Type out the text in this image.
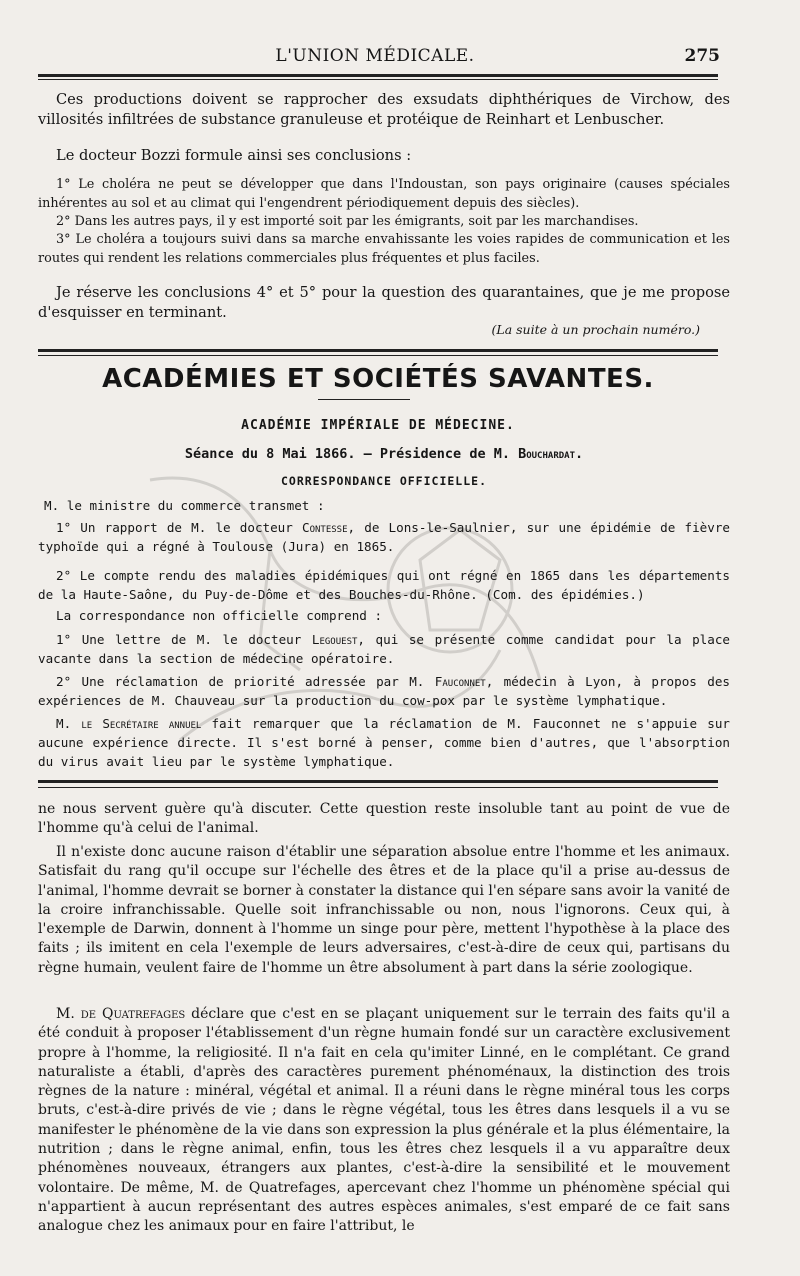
L'UNION MÉDICALE.	275

Ces productions doivent se rapprocher des exsudats diphthériques de Virchow, des villosités infiltrées de substance granuleuse et protéique de Reinhart et Lenbuscher.

Le docteur Bozzi formule ainsi ses conclusions :

1° Le choléra ne peut se développer que dans l'Indoustan, son pays originaire (causes spéciales inhérentes au sol et au climat qui l'engendrent périodiquement depuis des siècles).

2° Dans les autres pays, il y est importé soit par les émigrants, soit par les marchandises.

3° Le choléra a toujours suivi dans sa marche envahissante les voies rapides de communication et les routes qui rendent les relations commerciales plus fréquentes et plus faciles.

Je réserve les conclusions 4° et 5° pour la question des quarantaines, que je me propose d'esquisser en terminant.

(La suite à un prochain numéro.)
ACADÉMIES ET SOCIÉTÉS SAVANTES.
ACADÉMIE IMPÉRIALE DE MÉDECINE.
Séance du 8 Mai 1866. — Présidence de M. Bouchardat.
CORRESPONDANCE OFFICIELLE.

M. le ministre du commerce transmet :

1° Un rapport de M. le docteur Contesse, de Lons-le-Saulnier, sur une épidémie de fièvre typhoïde qui a régné à Toulouse (Jura) en 1865.

2° Le compte rendu des maladies épidémiques qui ont régné en 1865 dans les départements de la Haute-Saône, du Puy-de-Dôme et des Bouches-du-Rhône. (Com. des épidémies.)

La correspondance non officielle comprend :

1° Une lettre de M. le docteur Legouest, qui se présente comme candidat pour la place vacante dans la section de médecine opératoire.

2° Une réclamation de priorité adressée par M. Fauconnet, médecin à Lyon, à propos des expériences de M. Chauveau sur la production du cow-pox par le système lymphatique.

M. le Secrétaire annuel fait remarquer que la réclamation de M. Fauconnet ne s'appuie sur aucune expérience directe. Il s'est borné à penser, comme bien d'autres, que l'absorption du virus avait lieu par le système lymphatique.

ne nous servent guère qu'à discuter. Cette question reste insoluble tant au point de vue de l'homme qu'à celui de l'animal.

Il n'existe donc aucune raison d'établir une séparation absolue entre l'homme et les animaux. Satisfait du rang qu'il occupe sur l'échelle des êtres et de la place qu'il a prise au-dessus de l'animal, l'homme devrait se borner à constater la distance qui l'en sépare sans avoir la vanité de la croire infranchissable. Quelle soit infranchissable ou non, nous l'ignorons. Ceux qui, à l'exemple de Darwin, donnent à l'homme un singe pour père, mettent l'hypothèse à la place des faits ; ils imitent en cela l'exemple de leurs adversaires, c'est-à-dire de ceux qui, partisans du règne humain, veulent faire de l'homme un être absolument à part dans la série zoologique.

M. de Quatrefages déclare que c'est en se plaçant uniquement sur le terrain des faits qu'il a été conduit à proposer l'établissement d'un règne humain fondé sur un caractère exclusivement propre à l'homme, la religiosité. Il n'a fait en cela qu'imiter Linné, en le complétant. Ce grand naturaliste a établi, d'après des caractères purement phénoménaux, la distinction des trois règnes de la nature : minéral, végétal et animal. Il a réuni dans le règne minéral tous les corps bruts, c'est-à-dire privés de vie ; dans le règne végétal, tous les êtres dans lesquels il a vu se manifester le phénomène de la vie dans son expression la plus générale et la plus élémentaire, la nutrition ; dans le règne animal, enfin, tous les êtres chez lesquels il a vu apparaître deux phénomènes nouveaux, étrangers aux plantes, c'est-à-dire la sensibilité et le mouvement volontaire. De même, M. de Quatrefages, apercevant chez l'homme un phénomène spécial qui n'appartient à aucun représentant des autres espèces animales, s'est emparé de ce fait sans analogue chez les animaux pour en faire l'attribut, le
